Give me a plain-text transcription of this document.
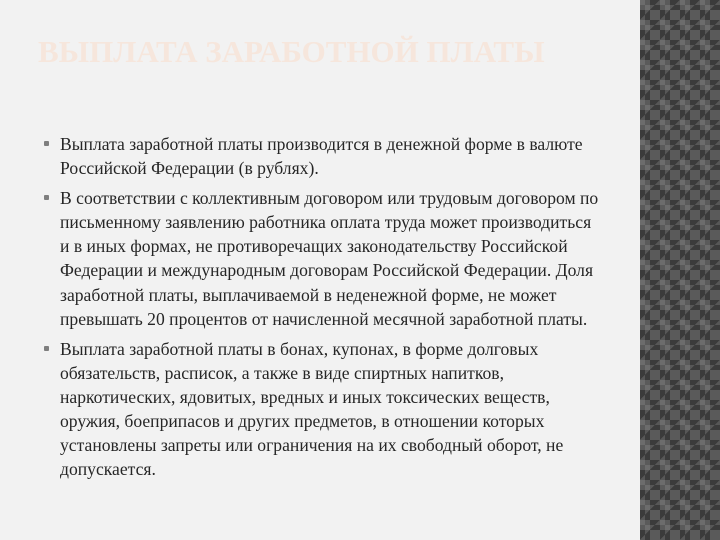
ВЫПЛАТА ЗАРАБОТНОЙ ПЛАТЫ
Выплата заработной платы производится в денежной форме в валюте Российской Федерации (в рублях).
В соответствии с коллективным договором или трудовым договором по письменному заявлению работника оплата труда может производиться и в иных формах, не противоречащих законодательству Российской Федерации и международным договорам Российской Федерации. Доля заработной платы, выплачиваемой в неденежной форме, не может превышать 20 процентов от начисленной месячной заработной платы.
Выплата заработной платы в бонах, купонах, в форме долговых обязательств, расписок, а также в виде спиртных напитков, наркотических, ядовитых, вредных и иных токсических веществ, оружия, боеприпасов и других предметов, в отношении которых установлены запреты или ограничения на их свободный оборот, не допускается.
